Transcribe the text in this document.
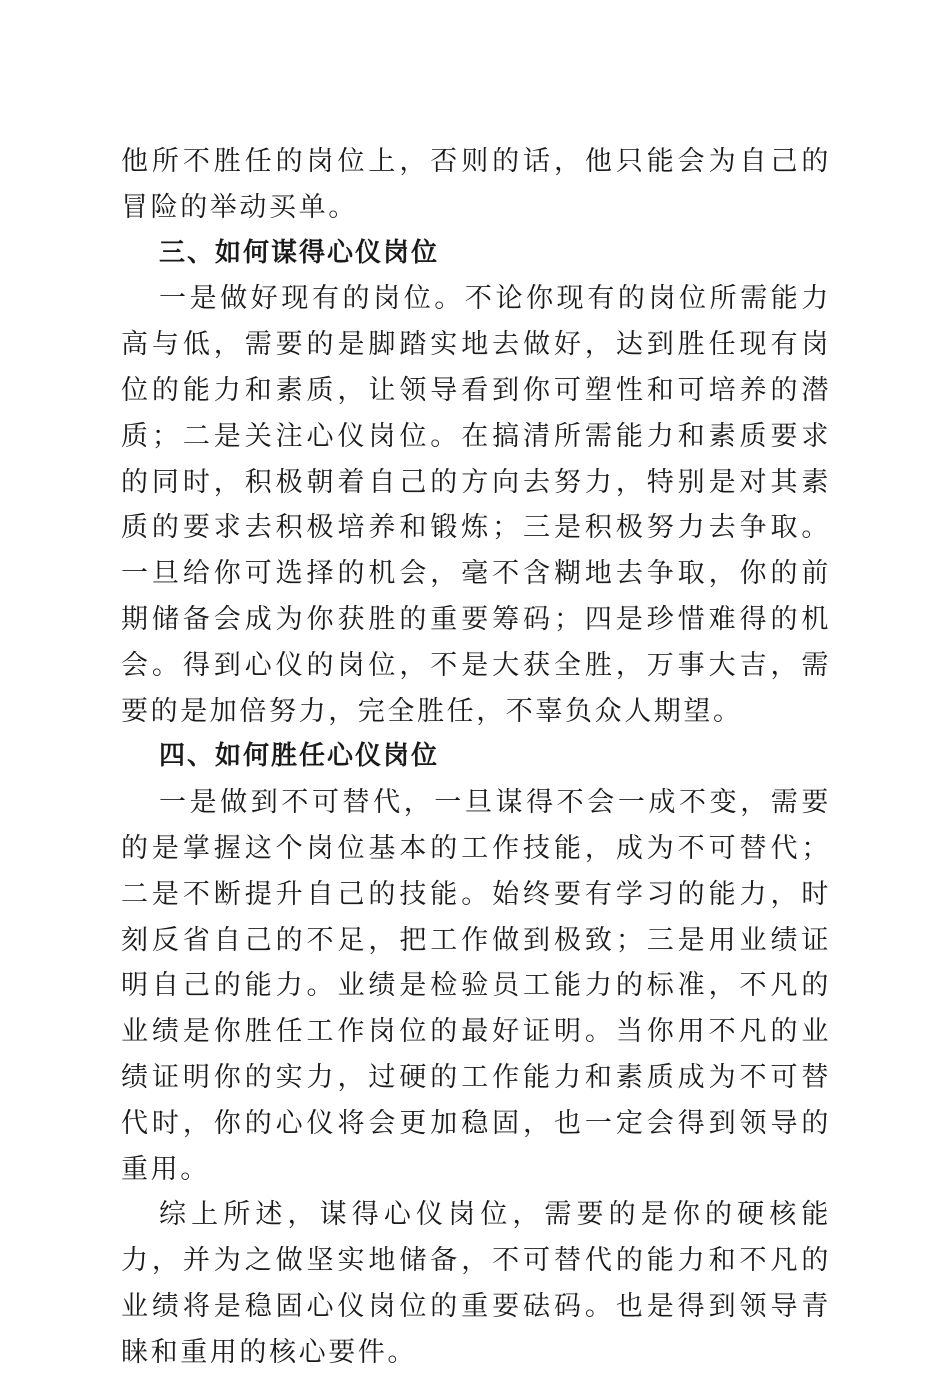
他所不胜任的岗位上，否则的话，他只能会为自己的冒险的举动买单。

三、如何谋得心仪岗位

一是做好现有的岗位。不论你现有的岗位所需能力高与低，需要的是脚踏实地去做好，达到胜任现有岗位的能力和素质，让领导看到你可塑性和可培养的潜质；二是关注心仪岗位。在搞清所需能力和素质要求的同时，积极朝着自己的方向去努力，特别是对其素质的要求去积极培养和锻炼；三是积极努力去争取。一旦给你可选择的机会，毫不含糊地去争取，你的前期储备会成为你获胜的重要筹码；四是珍惜难得的机会。得到心仪的岗位，不是大获全胜，万事大吉，需要的是加倍努力，完全胜任，不辜负众人期望。

四、如何胜任心仪岗位

一是做到不可替代，一旦谋得不会一成不变，需要的是掌握这个岗位基本的工作技能，成为不可替代；二是不断提升自己的技能。始终要有学习的能力，时刻反省自己的不足，把工作做到极致；三是用业绩证明自己的能力。业绩是检验员工能力的标准，不凡的业绩是你胜任工作岗位的最好证明。当你用不凡的业绩证明你的实力，过硬的工作能力和素质成为不可替代时，你的心仪将会更加稳固，也一定会得到领导的重用。

综上所述，谋得心仪岗位，需要的是你的硬核能力，并为之做坚实地储备，不可替代的能力和不凡的业绩将是稳固心仪岗位的重要砝码。也是得到领导青睐和重用的核心要件。
